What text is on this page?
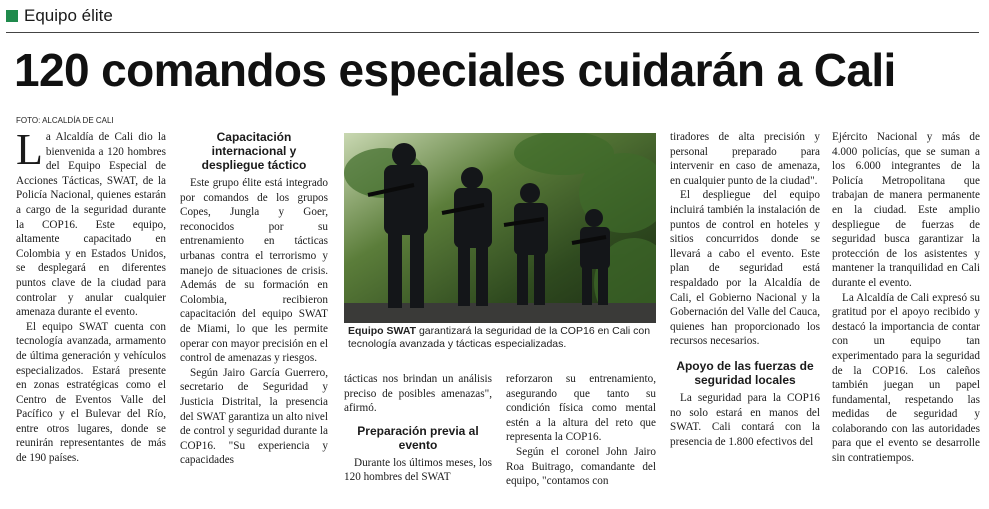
Equipo élite
120 comandos especiales cuidarán a Cali
FOTO: ALCALDÍA DE CALI

La Alcaldía de Cali dio la bienvenida a 120 hombres del Equipo Especial de Acciones Tácticas, SWAT, de la Policía Nacional, quienes estarán a cargo de la seguridad durante la COP16. Este equipo, altamente capacitado en Colombia y en Estados Unidos, se desplegará en diferentes puntos clave de la ciudad para controlar y anular cualquier amenaza durante el evento.

El equipo SWAT cuenta con tecnología avanzada, armamento de última generación y vehículos especializados. Estará presente en zonas estratégicas como el Centro de Eventos Valle del Pacífico y el Bulevar del Río, entre otros lugares, donde se reunirán representantes de más de 190 países.

Capacitación internacional y despliegue táctico

Este grupo élite está integrado por comandos de los grupos Copes, Jungla y Goer, reconocidos por su entrenamiento en tácticas urbanas contra el terrorismo y manejo de situaciones de crisis. Además de su formación en Colombia, recibieron capacitación del equipo SWAT de Miami, lo que les permite operar con mayor precisión en el control de amenazas y riesgos.

Según Jairo García Guerrero, secretario de Seguridad y Justicia Distrital, la presencia del SWAT garantiza un alto nivel de control y seguridad durante la COP16. "Su experiencia y capacidades

Equipo SWAT garantizará la seguridad de la COP16 en Cali con tecnología avanzada y tácticas especializadas.

tácticas nos brindan un análisis preciso de posibles amenazas", afirmó.

Preparación previa al evento

Durante los últimos meses, los 120 hombres del SWAT

reforzaron su entrenamiento, asegurando que tanto su condición física como mental estén a la altura del reto que representa la COP16.

Según el coronel John Jairo Roa Buitrago, comandante del equipo, "contamos con

tiradores de alta precisión y personal preparado para intervenir en caso de amenaza, en cualquier punto de la ciudad".

El despliegue del equipo incluirá también la instalación de puntos de control en hoteles y sitios concurridos donde se llevará a cabo el evento. Este plan de seguridad está respaldado por la Alcaldía de Cali, el Gobierno Nacional y la Gobernación del Valle del Cauca, quienes han proporcionado los recursos necesarios.

Apoyo de las fuerzas de seguridad locales

La seguridad para la COP16 no solo estará en manos del SWAT. Cali contará con la presencia de 1.800 efectivos del

Ejército Nacional y más de 4.000 policías, que se suman a los 6.000 integrantes de la Policía Metropolitana que trabajan de manera permanente en la ciudad. Este amplio despliegue de fuerzas de seguridad busca garantizar la protección de los asistentes y mantener la tranquilidad en Cali durante el evento.

La Alcaldía de Cali expresó su gratitud por el apoyo recibido y destacó la importancia de contar con un equipo tan experimentado para la seguridad de la COP16. Los caleños también juegan un papel fundamental, respetando las medidas de seguridad y colaborando con las autoridades para que el evento se desarrolle sin contratiempos.
